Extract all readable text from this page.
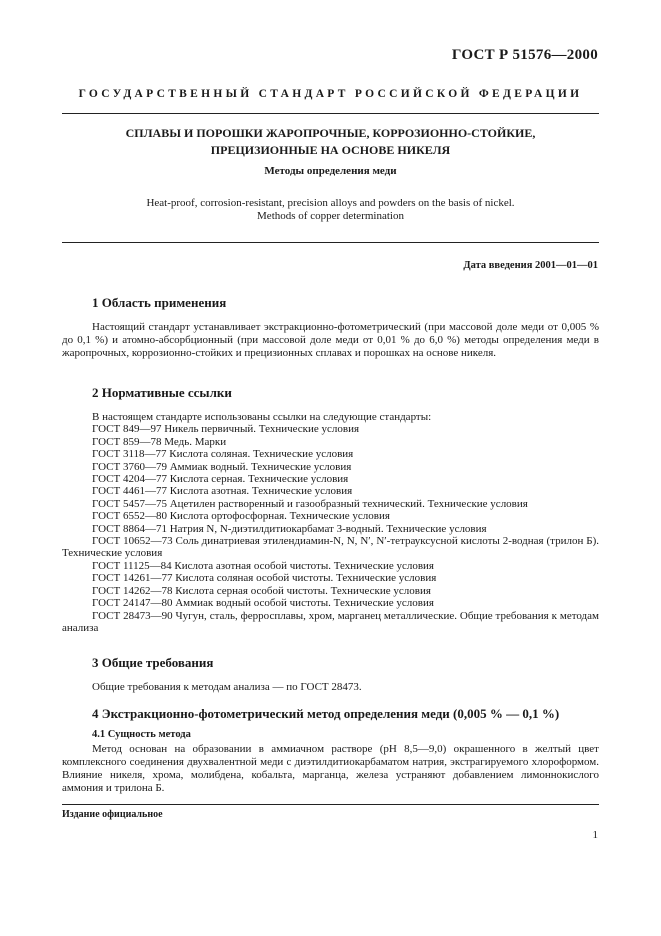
ГОСТ Р 51576—2000
ГОСУДАРСТВЕННЫЙ СТАНДАРТ РОССИЙСКОЙ ФЕДЕРАЦИИ
СПЛАВЫ И ПОРОШКИ ЖАРОПРОЧНЫЕ, КОРРОЗИОННО-СТОЙКИЕ,
ПРЕЦИЗИОННЫЕ НА ОСНОВЕ НИКЕЛЯ
Методы определения меди
Heat-proof, corrosion-resistant, precision alloys and powders on the basis of nickel.
Methods of copper determination
Дата введения 2001—01—01
1 Область применения
Настоящий стандарт устанавливает экстракционно-фотометрический (при массовой доле меди от 0,005 % до 0,1 %) и атомно-абсорбционный (при массовой доле меди от 0,01 % до 6,0 %) методы определения меди в жаропрочных, коррозионно-стойких и прецизионных сплавах и порошках на основе никеля.
2 Нормативные ссылки
В настоящем стандарте использованы ссылки на следующие стандарты:
ГОСТ 849—97 Никель первичный. Технические условия
ГОСТ 859—78 Медь. Марки
ГОСТ 3118—77 Кислота соляная. Технические условия
ГОСТ 3760—79 Аммиак водный. Технические условия
ГОСТ 4204—77 Кислота серная. Технические условия
ГОСТ 4461—77 Кислота азотная. Технические условия
ГОСТ 5457—75 Ацетилен растворенный и газообразный технический. Технические условия
ГОСТ 6552—80 Кислота ортофосфорная. Технические условия
ГОСТ 8864—71 Натрия N, N-диэтилдитиокарбамат 3-водный. Технические условия
ГОСТ 10652—73 Соль динатриевая этилендиамин-N, N, N′, N′-тетрауксусной кислоты 2-водная (трилон Б). Технические условия
ГОСТ 11125—84 Кислота азотная особой чистоты. Технические условия
ГОСТ 14261—77 Кислота соляная особой чистоты. Технические условия
ГОСТ 14262—78 Кислота серная особой чистоты. Технические условия
ГОСТ 24147—80 Аммиак водный особой чистоты. Технические условия
ГОСТ 28473—90 Чугун, сталь, ферросплавы, хром, марганец металлические. Общие требования к методам анализа
3 Общие требования
Общие требования к методам анализа — по ГОСТ 28473.
4 Экстракционно-фотометрический метод определения меди (0,005 % — 0,1 %)
4.1 Сущность метода
Метод основан на образовании в аммиачном растворе (pH 8,5—9,0) окрашенного в желтый цвет комплексного соединения двухвалентной меди с диэтилдитиокарбаматом натрия, экстрагируемого хлороформом. Влияние никеля, хрома, молибдена, кобальта, марганца, железа устраняют добавлением лимоннокислого аммония и трилона Б.
Издание официальное
1
